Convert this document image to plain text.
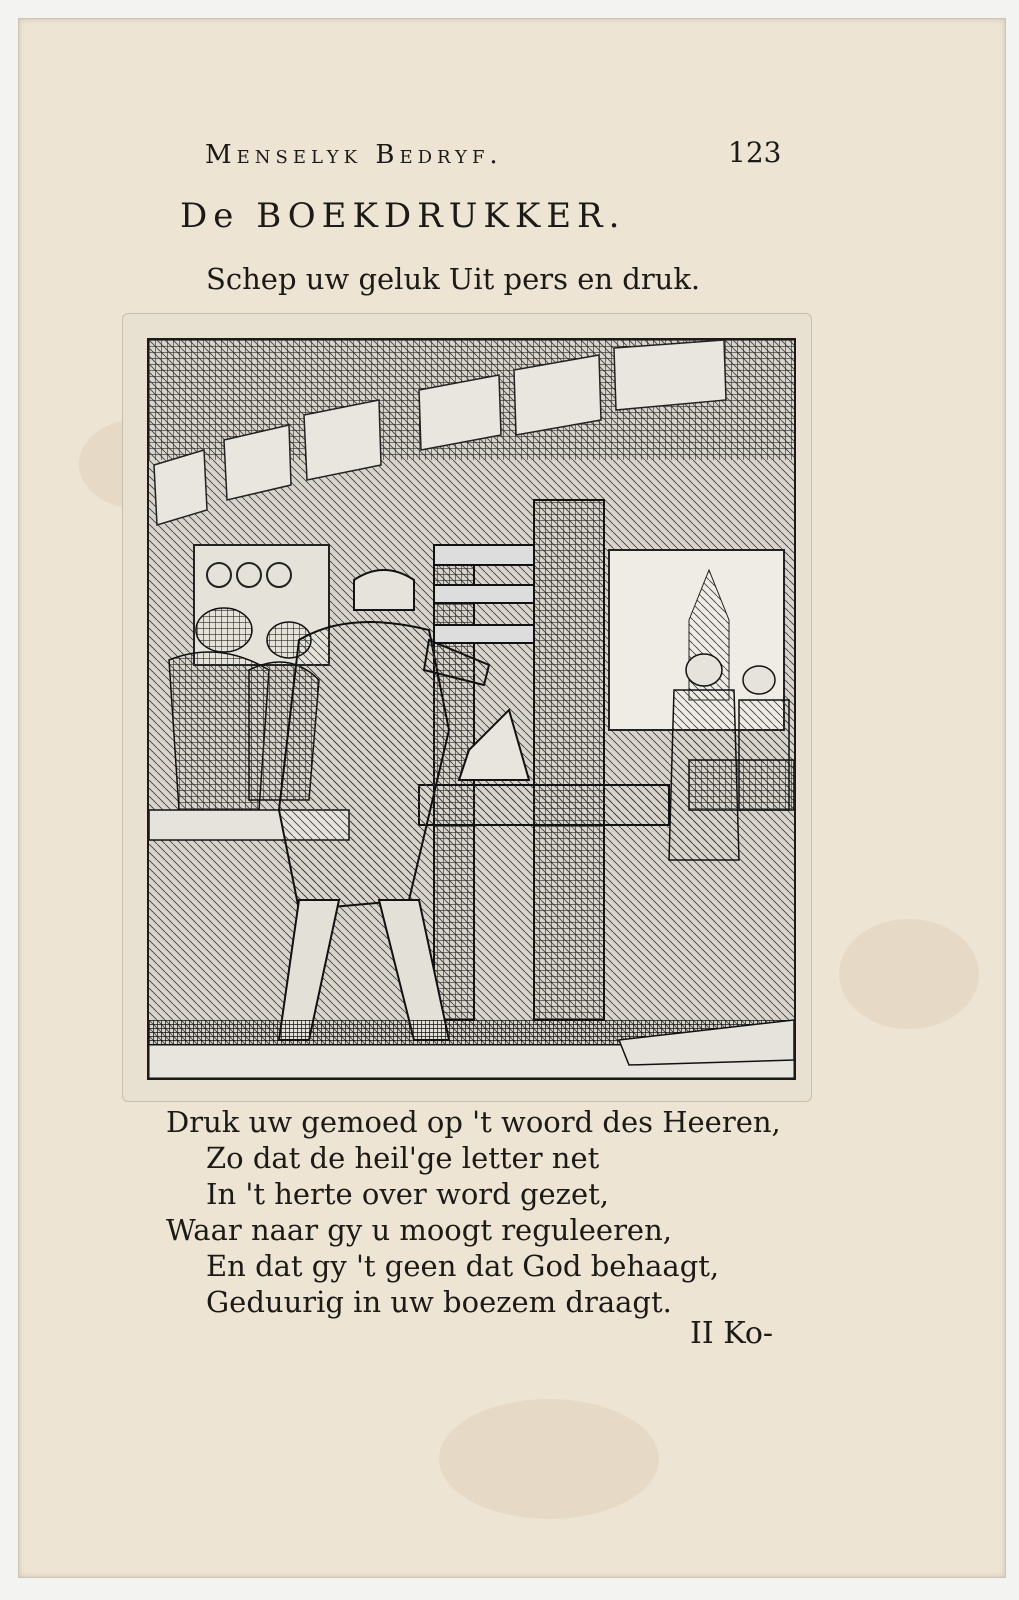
Menselyk Bedryf.	123
De BOEKDRUKKER.
Schep uw geluk Uit pers en druk.
Druk uw gemoed op 't woord des Heeren,
Zo dat de heil'ge letter net
In 't herte over word gezet,
Waar naar gy u moogt reguleeren,
En dat gy 't geen dat God behaagt,
Geduurig in uw boezem draagt.
II Ko-
